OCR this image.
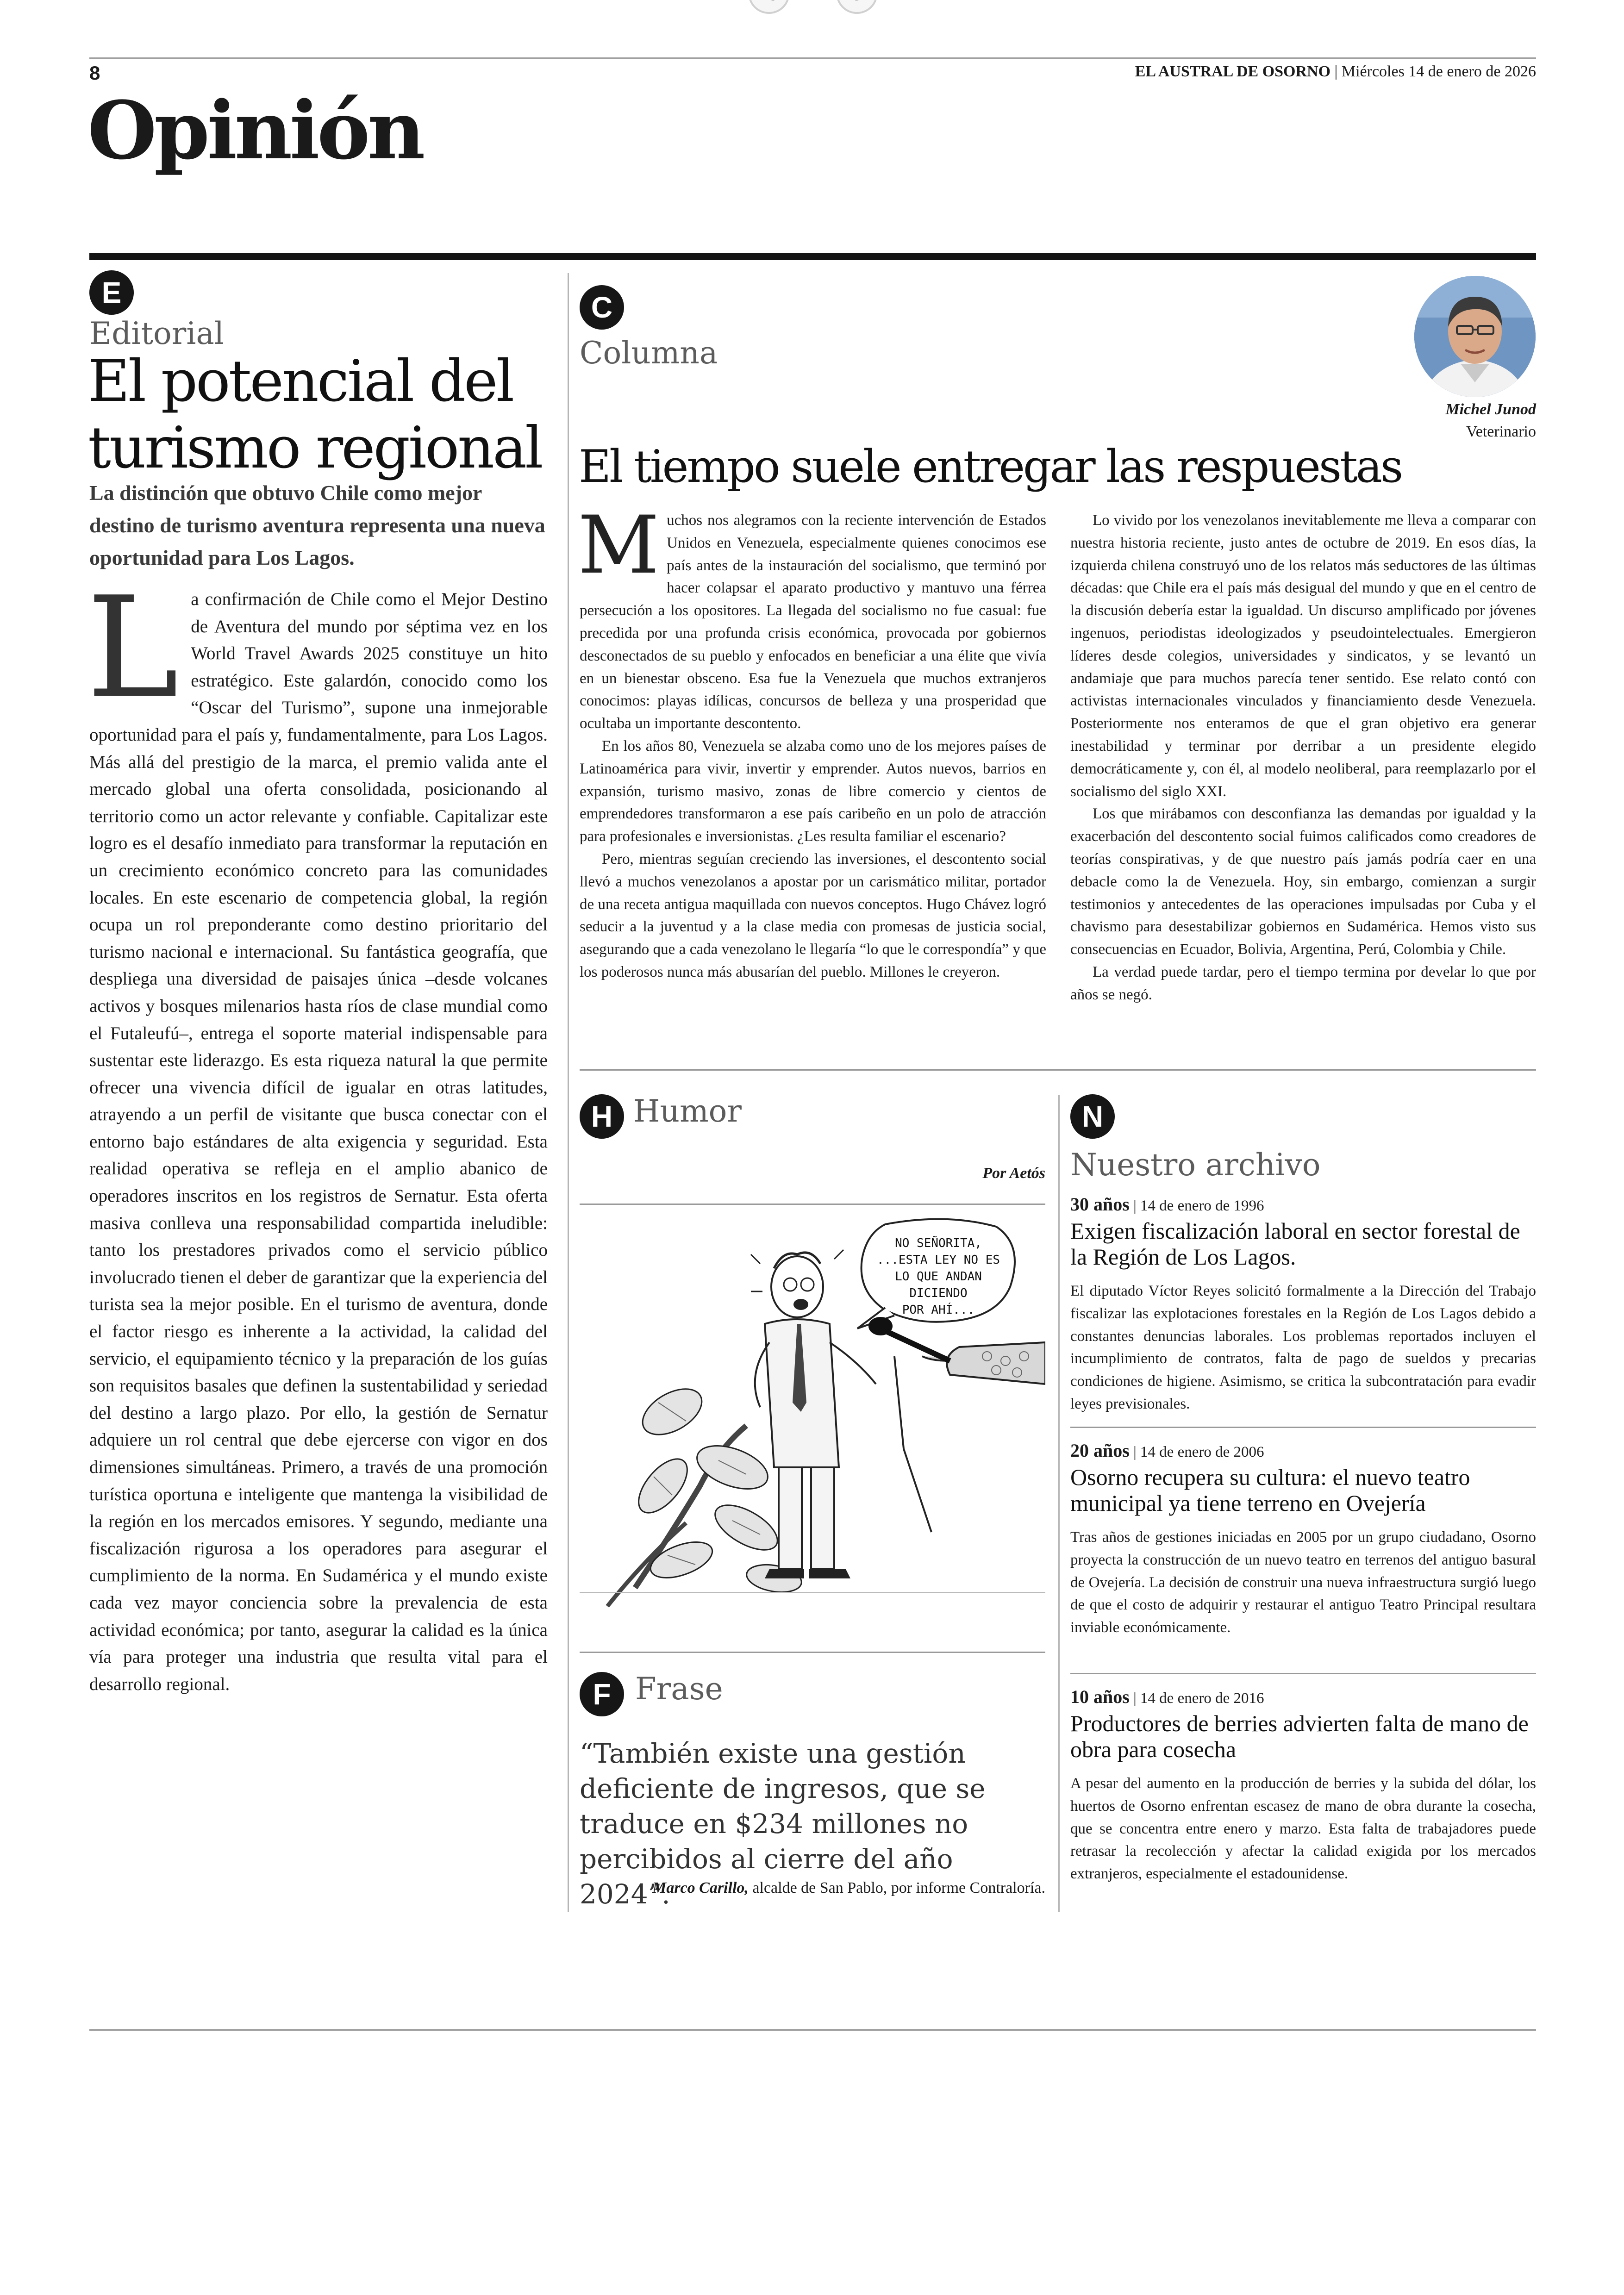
8	EL AUSTRAL DE OSORNO | Miércoles 14 de enero de 2026
Opinión
E
Editorial
El potencial del
turismo regional
La distinción que obtuvo Chile como mejor destino de turismo aventura representa una nueva oportunidad para Los Lagos.
La confirmación de Chile como el Mejor Destino de Aventura del mundo por séptima vez en los World Travel Awards 2025 constituye un hito estratégico. Este galardón, conocido como los “Oscar del Turismo”, supone una inmejorable oportunidad para el país y, fundamentalmente, para Los Lagos. Más allá del prestigio de la marca, el premio valida ante el mercado global una oferta consolidada, posicionando al territorio como un actor relevante y confiable. Capitalizar este logro es el desafío inmediato para transformar la reputación en un crecimiento económico concreto para las comunidades locales. En este escenario de competencia global, la región ocupa un rol preponderante como destino prioritario del turismo nacional e internacional. Su fantástica geografía, que despliega una diversidad de paisajes única –desde volcanes activos y bosques milenarios hasta ríos de clase mundial como el Futaleufú–, entrega el soporte material indispensable para sustentar este liderazgo. Es esta riqueza natural la que permite ofrecer una vivencia difícil de igualar en otras latitudes, atrayendo a un perfil de visitante que busca conectar con el entorno bajo estándares de alta exigencia y seguridad. Esta realidad operativa se refleja en el amplio abanico de operadores inscritos en los registros de Sernatur. Esta oferta masiva conlleva una responsabilidad compartida ineludible: tanto los prestadores privados como el servicio público involucrado tienen el deber de garantizar que la experiencia del turista sea la mejor posible. En el turismo de aventura, donde el factor riesgo es inherente a la actividad, la calidad del servicio, el equipamiento técnico y la preparación de los guías son requisitos basales que definen la sustentabilidad y seriedad del destino a largo plazo. Por ello, la gestión de Sernatur adquiere un rol central que debe ejercerse con vigor en dos dimensiones simultáneas. Primero, a través de una promoción turística oportuna e inteligente que mantenga la visibilidad de la región en los mercados emisores. Y segundo, mediante una fiscalización rigurosa a los operadores para asegurar el cumplimiento de la norma. En Sudamérica y el mundo existe cada vez mayor conciencia sobre la prevalencia de esta actividad económica; por tanto, asegurar la calidad es la única vía para proteger una industria que resulta vital para el desarrollo regional.
C
Columna
Michel Junod
Veterinario
El tiempo suele entregar las respuestas

Muchos nos alegramos con la reciente intervención de Estados Unidos en Venezuela, especialmente quienes conocimos ese país antes de la instauración del socialismo, que terminó por hacer colapsar el aparato productivo y mantuvo una férrea persecución a los opositores. La llegada del socialismo no fue casual: fue precedida por una profunda crisis económica, provocada por gobiernos desconectados de su pueblo y enfocados en beneficiar a una élite que vivía en un bienestar obsceno. Esa fue la Venezuela que muchos extranjeros conocimos: playas idílicas, concursos de belleza y una prosperidad que ocultaba un importante descontento.

En los años 80, Venezuela se alzaba como uno de los mejores países de Latinoamérica para vivir, invertir y emprender. Autos nuevos, barrios en expansión, turismo masivo, zonas de libre comercio y cientos de emprendedores transformaron a ese país caribeño en un polo de atracción para profesionales e inversionistas. ¿Les resulta familiar el escenario?

Pero, mientras seguían creciendo las inversiones, el descontento social llevó a muchos venezolanos a apostar por un carismático militar, portador de una receta antigua maquillada con nuevos conceptos. Hugo Chávez logró seducir a la juventud y a la clase media con promesas de justicia social, asegurando que a cada venezolano le llegaría “lo que le correspondía” y que los poderosos nunca más abusarían del pueblo. Millones le creyeron.

Lo vivido por los venezolanos inevitablemente me lleva a comparar con nuestra historia reciente, justo antes de octubre de 2019. En esos días, la izquierda chilena construyó uno de los relatos más seductores de las últimas décadas: que Chile era el país más desigual del mundo y que en el centro de la discusión debería estar la igualdad. Un discurso amplificado por jóvenes ingenuos, periodistas ideologizados y pseudointelectuales. Emergieron líderes desde colegios, universidades y sindicatos, y se levantó un andamiaje que para muchos parecía tener sentido. Ese relato contó con activistas internacionales vinculados y financiamiento desde Venezuela. Posteriormente nos enteramos de que el gran objetivo era generar inestabilidad y terminar por derribar a un presidente elegido democráticamente y, con él, al modelo neoliberal, para reemplazarlo por el socialismo del siglo XXI.

Los que mirábamos con desconfianza las demandas por igualdad y la exacerbación del descontento social fuimos calificados como creadores de teorías conspirativas, y de que nuestro país jamás podría caer en una debacle como la de Venezuela. Hoy, sin embargo, comienzan a surgir testimonios y antecedentes de las operaciones impulsadas por Cuba y el chavismo para desestabilizar gobiernos en Sudamérica. Hemos visto sus consecuencias en Ecuador, Bolivia, Argentina, Perú, Colombia y Chile.

La verdad puede tardar, pero el tiempo termina por develar lo que por años se negó.

H Humor
Por Aetós
NO SEÑORITA,
...ESTA LEY NO ES
LO QUE ANDAN
DICIENDO
POR AHÍ...
F Frase
“También existe una gestión deficiente de ingresos, que se traduce en $234 millones no percibidos al cierre del año 2024”.
Marco Carillo, alcalde de San Pablo, por informe Contraloría.
N
Nuestro archivo
30 años | 14 de enero de 1996
Exigen fiscalización laboral en sector forestal de la Región de Los Lagos.
El diputado Víctor Reyes solicitó formalmente a la Dirección del Trabajo fiscalizar las explotaciones forestales en la Región de Los Lagos debido a constantes denuncias laborales. Los problemas reportados incluyen el incumplimiento de contratos, falta de pago de sueldos y precarias condiciones de higiene. Asimismo, se critica la subcontratación para evadir leyes previsionales.
20 años | 14 de enero de 2006
Osorno recupera su cultura: el nuevo teatro municipal ya tiene terreno en Ovejería
Tras años de gestiones iniciadas en 2005 por un grupo ciudadano, Osorno proyecta la construcción de un nuevo teatro en terrenos del antiguo basural de Ovejería. La decisión de construir una nueva infraestructura surgió luego de que el costo de adquirir y restaurar el antiguo Teatro Principal resultara inviable económicamente.
10 años | 14 de enero de 2016
Productores de berries advierten falta de mano de obra para cosecha
A pesar del aumento en la producción de berries y la subida del dólar, los huertos de Osorno enfrentan escasez de mano de obra durante la cosecha, que se concentra entre enero y marzo. Esta falta de trabajadores puede retrasar la recolección y afectar la calidad exigida por los mercados extranjeros, especialmente el estadounidense.
